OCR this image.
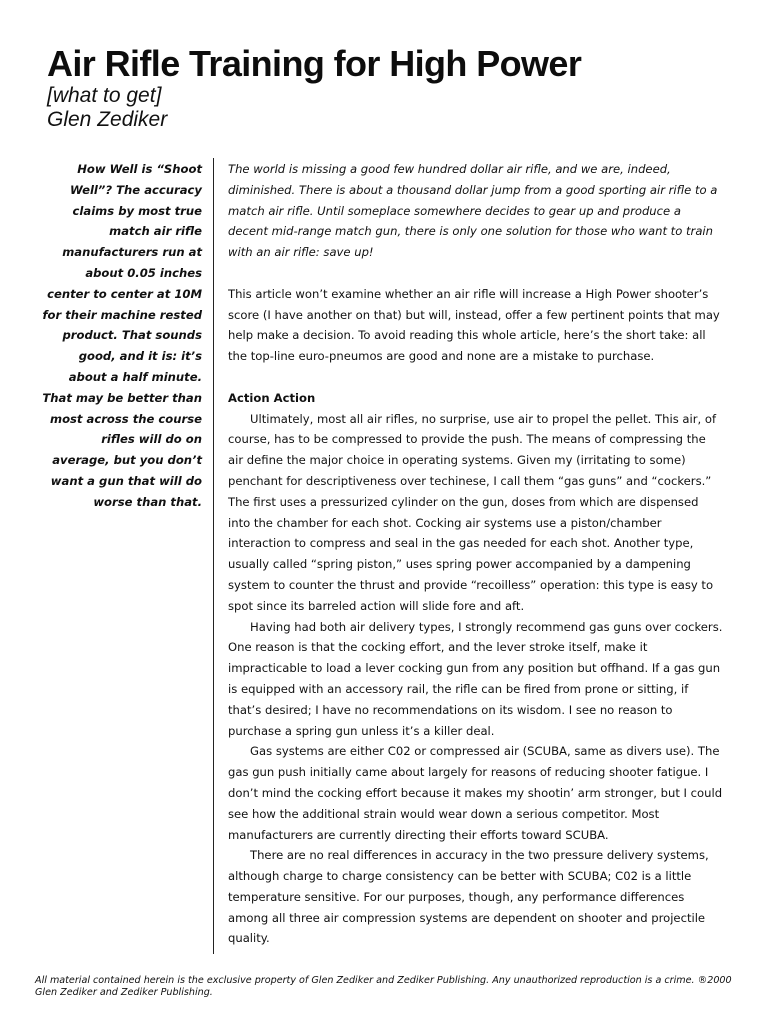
Air Rifle Training for High Power
[what to get]
Glen Zediker
How Well is “Shoot Well”? The accuracy claims by most true match air rifle manufacturers run at about 0.05 inches center to center at 10M for their machine rested product. That sounds good, and it is: it’s about a half minute. That may be better than most across the course rifles will do on average, but you don’t want a gun that will do worse than that.

The world is missing a good few hundred dollar air rifle, and we are, indeed, diminished. There is about a thousand dollar jump from a good sporting air rifle to a match air rifle. Until someplace somewhere decides to gear up and produce a decent mid-range match gun, there is only one solution for those who want to train with an air rifle: save up!

This article won’t examine whether an air rifle will increase a High Power shooter’s score (I have another on that) but will, instead, offer a few pertinent points that may help make a decision. To avoid reading this whole article, here’s the short take: all the top-line euro-pneumos are good and none are a mistake to purchase.

Action Action

Ultimately, most all air rifles, no surprise, use air to propel the pellet. This air, of course, has to be compressed to provide the push. The means of compressing the air define the major choice in operating systems. Given my (irritating to some) penchant for descriptiveness over techinese, I call them “gas guns” and “cockers.” The first uses a pressurized cylinder on the gun, doses from which are dispensed into the chamber for each shot. Cocking air systems use a piston/chamber interaction to compress and seal in the gas needed for each shot. Another type, usually called “spring piston,” uses spring power accompanied by a dampening system to counter the thrust and provide “recoilless” operation: this type is easy to spot since its barreled action will slide fore and aft.

Having had both air delivery types, I strongly recommend gas guns over cockers. One reason is that the cocking effort, and the lever stroke itself, make it impracticable to load a lever cocking gun from any position but offhand. If a gas gun is equipped with an accessory rail, the rifle can be fired from prone or sitting, if that’s desired; I have no recommendations on its wisdom. I see no reason to purchase a spring gun unless it’s a killer deal.

Gas systems are either C02 or compressed air (SCUBA, same as divers use). The gas gun push initially came about largely for reasons of reducing shooter fatigue. I don’t mind the cocking effort because it makes my shootin’ arm stronger, but I could see how the additional strain would wear down a serious competitor. Most manufacturers are currently directing their efforts toward SCUBA.

There are no real differences in accuracy in the two pressure delivery systems, although charge to charge consistency can be better with SCUBA; C02 is a little temperature sensitive. For our purposes, though, any performance differences among all three air compression systems are dependent on shooter and projectile quality.

All material contained herein is the exclusive property of Glen Zediker and Zediker Publishing. Any unauthorized reproduction is a crime. ®2000 Glen Zediker and Zediker Publishing.
